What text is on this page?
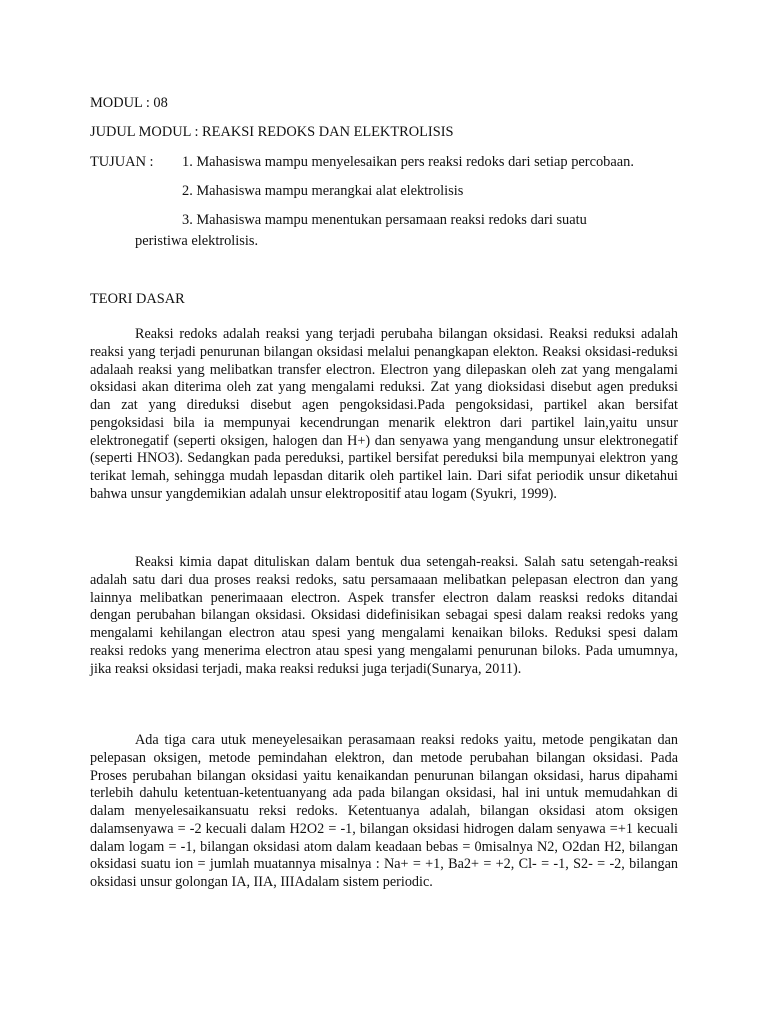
MODUL : 08
JUDUL MODUL : REAKSI REDOKS DAN ELEKTROLISIS
TUJUAN : 1. Mahasiswa mampu menyelesaikan pers reaksi redoks dari setiap percobaan.
2. Mahasiswa mampu merangkai alat elektrolisis
3. Mahasiswa mampu menentukan persamaan reaksi redoks dari suatu
peristiwa elektrolisis.
TEORI DASAR

Reaksi redoks adalah reaksi yang terjadi perubaha bilangan oksidasi. Reaksi reduksi adalah reaksi yang terjadi penurunan bilangan oksidasi melalui penangkapan elekton. Reaksi oksidasi-reduksi adalaah reaksi yang melibatkan transfer electron. Electron yang dilepaskan oleh zat yang mengalami oksidasi akan diterima oleh zat yang mengalami reduksi. Zat yang dioksidasi disebut agen preduksi dan zat yang direduksi disebut agen pengoksidasi.Pada pengoksidasi, partikel akan bersifat pengoksidasi bila ia mempunyai kecendrungan menarik elektron dari partikel lain,yaitu unsur elektronegatif (seperti oksigen, halogen dan H+) dan senyawa yang mengandung unsur elektronegatif (seperti HNO3). Sedangkan pada pereduksi, partikel bersifat pereduksi bila mempunyai elektron yang terikat lemah, sehingga mudah lepasdan ditarik oleh partikel lain. Dari sifat periodik unsur diketahui bahwa unsur yangdemikian adalah unsur elektropositif atau logam (Syukri, 1999).

Reaksi kimia dapat dituliskan dalam bentuk dua setengah-reaksi. Salah satu setengah-reaksi adalah satu dari dua proses reaksi redoks, satu persamaaan melibatkan pelepasan electron dan yang lainnya melibatkan penerimaaan electron. Aspek transfer electron dalam reasksi redoks ditandai dengan perubahan bilangan oksidasi. Oksidasi didefinisikan sebagai spesi dalam reaksi redoks yang mengalami kehilangan electron atau spesi yang mengalami kenaikan biloks. Reduksi spesi dalam reaksi redoks yang menerima electron atau spesi yang mengalami penurunan biloks. Pada umumnya, jika reaksi oksidasi terjadi, maka reaksi reduksi juga terjadi(Sunarya, 2011).

Ada tiga cara utuk meneyelesaikan perasamaan reaksi redoks yaitu, metode pengikatan dan pelepasan oksigen, metode pemindahan elektron, dan metode perubahan bilangan oksidasi. Pada Proses perubahan bilangan oksidasi yaitu kenaikandan penurunan bilangan oksidasi, harus dipahami terlebih dahulu ketentuan-ketentuanyang ada pada bilangan oksidasi, hal ini untuk memudahkan di dalam menyelesaikansuatu reksi redoks. Ketentuanya adalah, bilangan oksidasi atom oksigen dalamsenyawa = -2 kecuali dalam H2O2 = -1, bilangan oksidasi hidrogen dalam senyawa =+1 kecuali dalam logam = -1, bilangan oksidasi atom dalam keadaan bebas = 0misalnya N2, O2dan H2, bilangan oksidasi suatu ion = jumlah muatannya misalnya : Na+ = +1, Ba2+ = +2, Cl- = -1, S2- = -2, bilangan oksidasi unsur golongan IA, IIA, IIIAdalam sistem periodic.
